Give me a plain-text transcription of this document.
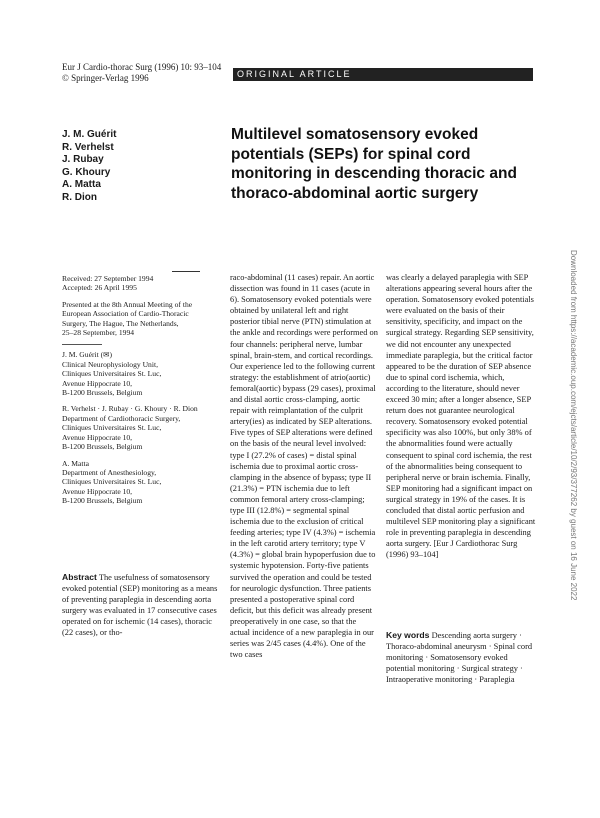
Eur J Cardio-thorac Surg (1996) 10: 93–104
© Springer-Verlag 1996	ORIGINAL ARTICLE
J. M. Guérit
R. Verhelst
J. Rubay
G. Khoury
A. Matta
R. Dion
Multilevel somatosensory evoked potentials (SEPs) for spinal cord monitoring in descending thoracic and thoraco-abdominal aortic surgery
Received: 27 September 1994
Accepted: 26 April 1995
Presented at the 8th Annual Meeting of the
European Association of Cardio-Thoracic
Surgery, The Hague, The Netherlands,
25–28 September, 1994
J. M. Guérit (✉)
Clinical Neurophysiology Unit,
Cliniques Universitaires St. Luc,
Avenue Hippocrate 10,
B-1200 Brussels, Belgium
R. Verhelst · J. Rubay · G. Khoury · R. Dion
Department of Cardiothoracic Surgery,
Cliniques Universitaires St. Luc,
Avenue Hippocrate 10,
B-1200 Brussels, Belgium
A. Matta
Department of Anesthesiology,
Cliniques Universitaires St. Luc,
Avenue Hippocrate 10,
B-1200 Brussels, Belgium
Abstract The usefulness of somatosensory evoked potential (SEP) monitoring as a means of preventing paraplegia in descending aorta surgery was evaluated in 17 consecutive cases operated on for ischemic (14 cases), thoracic (22 cases), or tho-
raco-abdominal (11 cases) repair. An aortic dissection was found in 11 cases (acute in 6). Somatosensory evoked potentials were obtained by unilateral left and right posterior tibial nerve (PTN) stimulation at the ankle and recordings were performed on four channels: peripheral nerve, lumbar spinal, brain-stem, and cortical recordings. Our experience led to the following current strategy: the establishment of atrio(aortic) femoral(aortic) bypass (29 cases), proximal and distal aortic cross-clamping, aortic repair with reimplantation of the culprit artery(ies) as indicated by SEP alterations. Five types of SEP alterations were defined on the basis of the neural level involved: type I (27.2% of cases) = distal spinal ischemia due to proximal aortic cross-clamping in the absence of bypass; type II (21.3%) = PTN ischemia due to left common femoral artery cross-clamping; type III (12.8%) = segmental spinal ischemia due to the exclusion of critical feeding arteries; type IV (4.3%) = ischemia in the left carotid artery territory; type V (4.3%) = global brain hypoperfusion due to systemic hypotension. Forty-five patients survived the operation and could be tested for neurologic dysfunction. Three patients presented a postoperative spinal cord deficit, but this deficit was already present preoperatively in one case, so that the actual incidence of a new paraplegia in our series was 2/45 cases (4.4%). One of the two cases
was clearly a delayed paraplegia with SEP alterations appearing several hours after the operation. Somatosensory evoked potentials were evaluated on the basis of their sensitivity, specificity, and impact on the surgical strategy. Regarding SEP sensitivity, we did not encounter any unexpected immediate paraplegia, but the critical factor appeared to be the duration of SEP absence due to spinal cord ischemia, which, according to the literature, should never exceed 30 min; after a longer absence, SEP return does not guarantee neurological recovery. Somatosensory evoked potential specificity was also 100%, but only 38% of the abnormalities found were actually consequent to spinal cord ischemia, the rest of the abnormalities being consequent to peripheral nerve or brain ischemia. Finally, SEP monitoring had a significant impact on surgical strategy in 19% of the cases. It is concluded that distal aortic perfusion and multilevel SEP monitoring play a significant role in preventing paraplegia in descending aorta surgery. [Eur J Cardiothorac Surg (1996) 93–104]
Key words Descending aorta surgery · Thoraco-abdominal aneurysm · Spinal cord monitoring · Somatosensory evoked potential monitoring · Surgical strategy · Intraoperative monitoring · Paraplegia
Downloaded from https://academic.oup.com/ejcts/article/10/2/93/377262 by guest on 16 June 2022
